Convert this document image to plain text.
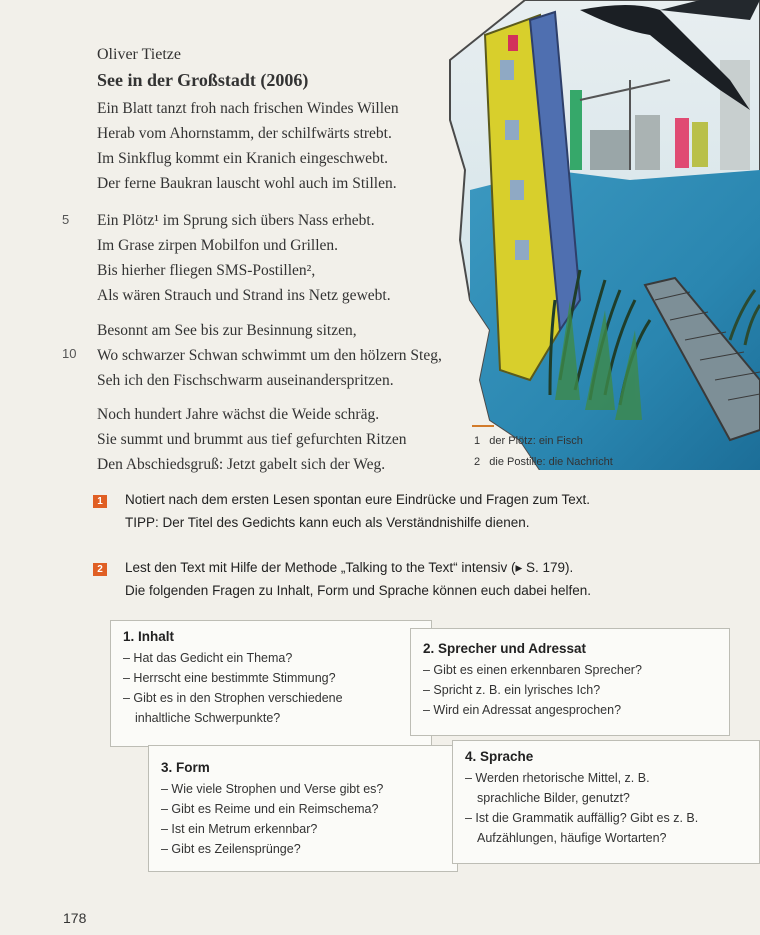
Oliver Tietze
See in der Großstadt (2006)
Ein Blatt tanzt froh nach frischen Windes Willen
Herab vom Ahornstamm, der schilfwärts strebt.
Im Sinkflug kommt ein Kranich eingeschwebt.
Der ferne Baukran lauscht wohl auch im Stillen.
5 Ein Plötz¹ im Sprung sich übers Nass erhebt.
Im Grase zirpen Mobilfon und Grillen.
Bis hierher fliegen SMS-Postillen²,
Als wären Strauch und Strand ins Netz gewebt.
10
Besonnt am See bis zur Besinnung sitzen,
Wo schwarzer Schwan schwimmt um den hölzern Steg,
Seh ich den Fischschwarm auseinanderspritzen.
Noch hundert Jahre wächst die Weide schräg.
Sie summt und brummt aus tief gefurchten Ritzen
Den Abschiedsgruß: Jetzt gabelt sich der Weg.
1 der Plötz: ein Fisch
2 die Postille: die Nachricht
1	Notiert nach dem ersten Lesen spontan eure Eindrücke und Fragen zum Text.
TIPP: Der Titel des Gedichts kann euch als Verständnishilfe dienen.
2	Lest den Text mit Hilfe der Methode „Talking to the Text“ intensiv (▸ S. 179).
Die folgenden Fragen zu Inhalt, Form und Sprache können euch dabei helfen.
1. Inhalt
– Hat das Gedicht ein Thema?
– Herrscht eine bestimmte Stimmung?
– Gibt es in den Strophen verschiedene
inhaltliche Schwerpunkte?
2. Sprecher und Adressat
– Gibt es einen erkennbaren Sprecher?
– Spricht z. B. ein lyrisches Ich?
– Wird ein Adressat angesprochen?
3. Form
– Wie viele Strophen und Verse gibt es?
– Gibt es Reime und ein Reimschema?
– Ist ein Metrum erkennbar?
– Gibt es Zeilensprünge?
4. Sprache
– Werden rhetorische Mittel, z. B.
sprachliche Bilder, genutzt?
– Ist die Grammatik auffällig? Gibt es z. B.
Aufzählungen, häufige Wortarten?
178
